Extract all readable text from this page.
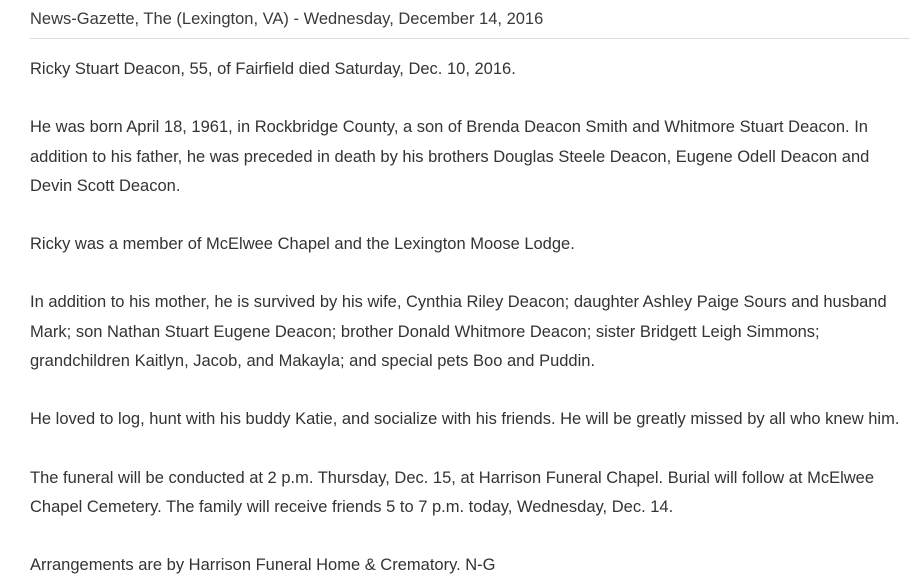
News-Gazette, The (Lexington, VA) - Wednesday, December 14, 2016

Ricky Stuart Deacon, 55, of Fairfield died Saturday, Dec. 10, 2016.

He was born April 18, 1961, in Rockbridge County, a son of Brenda Deacon Smith and Whitmore Stuart Deacon. In addition to his father, he was preceded in death by his brothers Douglas Steele Deacon, Eugene Odell Deacon and Devin Scott Deacon.

Ricky was a member of McElwee Chapel and the Lexington Moose Lodge.

In addition to his mother, he is survived by his wife, Cynthia Riley Deacon; daughter Ashley Paige Sours and husband Mark; son Nathan Stuart Eugene Deacon; brother Donald Whitmore Deacon; sister Bridgett Leigh Simmons; grandchildren Kaitlyn, Jacob, and Makayla; and special pets Boo and Puddin.

He loved to log, hunt with his buddy Katie, and socialize with his friends. He will be greatly missed by all who knew him.

The funeral will be conducted at 2 p.m. Thursday, Dec. 15, at Harrison Funeral Chapel. Burial will follow at McElwee Chapel Cemetery. The family will receive friends 5 to 7 p.m. today, Wednesday, Dec. 14.

Arrangements are by Harrison Funeral Home & Crematory. N-G
